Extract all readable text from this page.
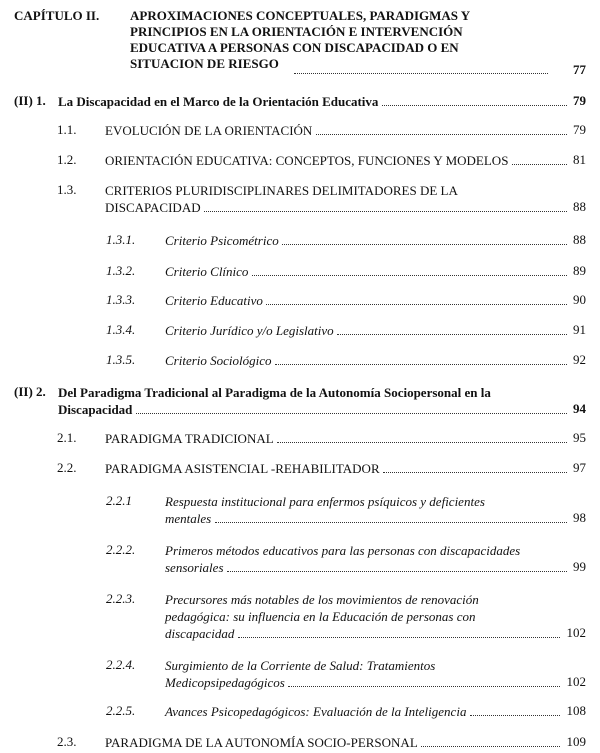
CAPÍTULO II. APROXIMACIONES CONCEPTUALES, PARADIGMAS Y
PRINCIPIOS EN LA ORIENTACIÓN E INTERVENCIÓN
EDUCATIVA A PERSONAS CON DISCAPACIDAD O EN
SITUACION DE RIESGO	77
(II) 1. La Discapacidad en el Marco de la Orientación Educativa	79
1.1. EVOLUCIÓN DE LA ORIENTACIÓN	79
1.2. ORIENTACIÓN EDUCATIVA: CONCEPTOS, FUNCIONES Y MODELOS	81
1.3. CRITERIOS PLURIDISCIPLINARES DELIMITADORES DE LA
DISCAPACIDAD	88
1.3.1. Criterio Psicométrico	88
1.3.2. Criterio Clínico	89
1.3.3. Criterio Educativo	90
1.3.4. Criterio Jurídico y/o Legislativo	91
1.3.5. Criterio Sociológico	92
(II) 2. Del Paradigma Tradicional al Paradigma de la Autonomía Sociopersonal en la
Discapacidad	94
2.1. PARADIGMA TRADICIONAL	95
2.2. PARADIGMA ASISTENCIAL -REHABILITADOR	97
2.2.1	Respuesta institucional para enfermos psíquicos y deficientes
mentales	98
2.2.2. Primeros métodos educativos para las personas con discapacidades
sensoriales	99
2.2.3. Precursores más notables de los movimientos de renovación
pedagógica: su influencia en la Educación de personas con
discapacidad	102
2.2.4. Surgimiento de la Corriente de Salud: Tratamientos
Medicopsipedagógicos	102
2.2.5. Avances Psicopedagógicos: Evaluación de la Inteligencia	108
2.3. PARADIGMA DE LA AUTONOMÍA SOCIO-PERSONAL	109
